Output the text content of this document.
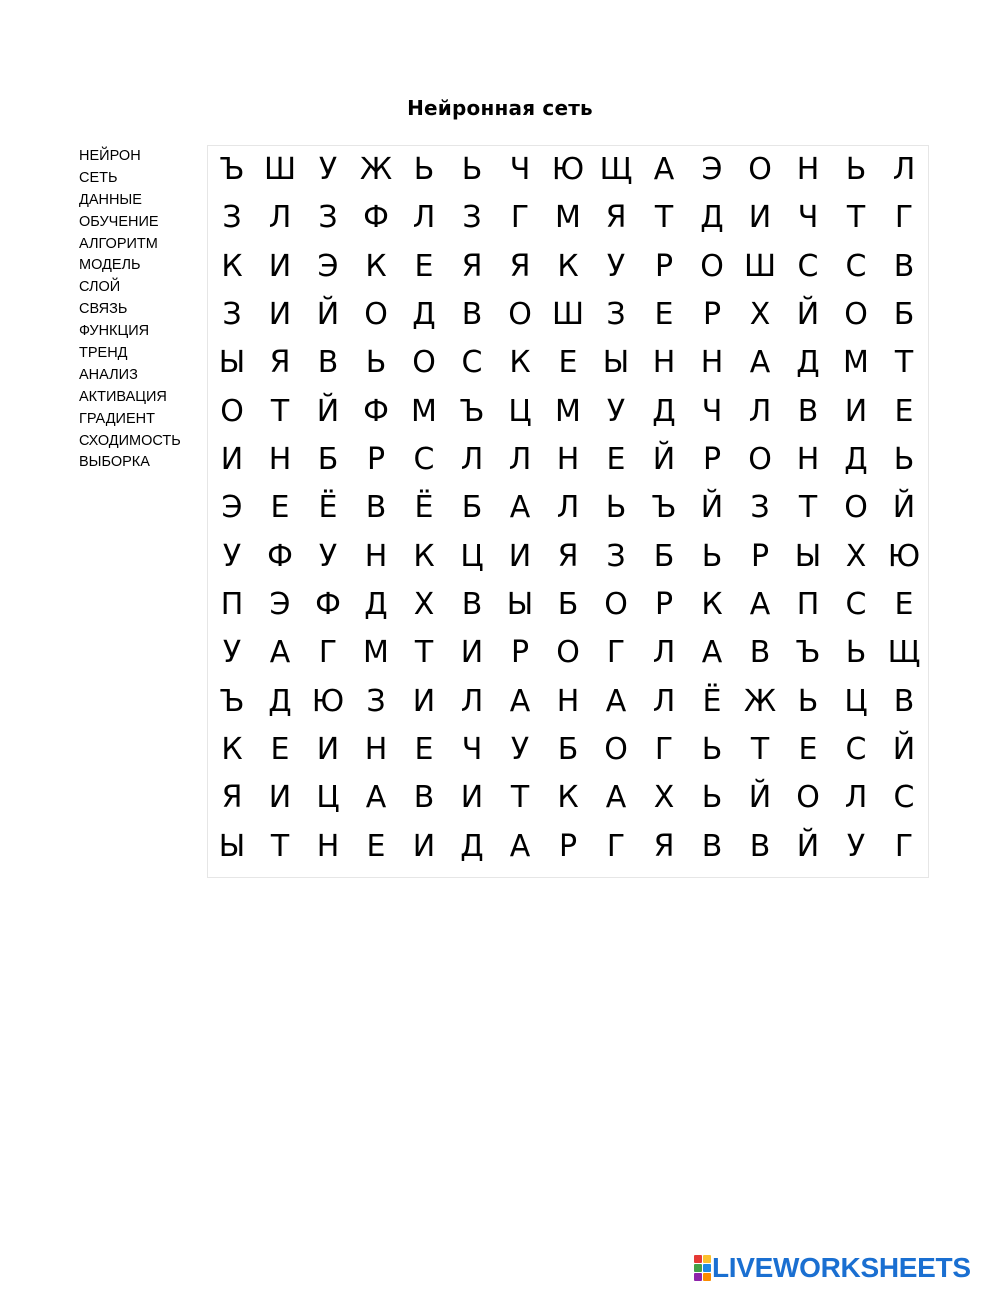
Нейронная сеть
НЕЙРОН
СЕТЬ
ДАННЫЕ
ОБУЧЕНИЕ
АЛГОРИТМ
МОДЕЛЬ
СЛОЙ
СВЯЗЬ
ФУНКЦИЯ
ТРЕНД
АНАЛИЗ
АКТИВАЦИЯ
ГРАДИЕНТ
СХОДИМОСТЬ
ВЫБОРКА
Ъ Ш У Ж Ь Ь Ч Ю Щ А Э О Н Ь Л
З Л З Ф Л З Г М Я Т Д И Ч Т Г
К И Э К Е Я Я К У Р О Ш С С В
З И Й О Д В О Ш З Е Р Х Й О Б
Ы Я В Ь О С К Е Ы Н Н А Д М Т
О Т Й Ф М Ъ Ц М У Д Ч Л В И Е
И Н Б Р С Л Л Н Е Й Р О Н Д Ь
Э Е Ё В Ё Б А Л Ь Ъ Й З Т О Й
У Ф У Н К Ц И Я З Б Ь Р Ы Х Ю
П Э Ф Д Х В Ы Б О Р К А П С Е
У А Г М Т И Р О Г Л А В Ъ Ь Щ
Ъ Д Ю З И Л А Н А Л Ё Ж Ь Ц В
К Е И Н Е Ч У Б О Г Ь Т Е С Й
Я И Ц А В И Т К А Х Ь Й О Л С
Ы Т Н Е И Д А Р Г Я В В Й У Г
LIVEWORKSHEETS
